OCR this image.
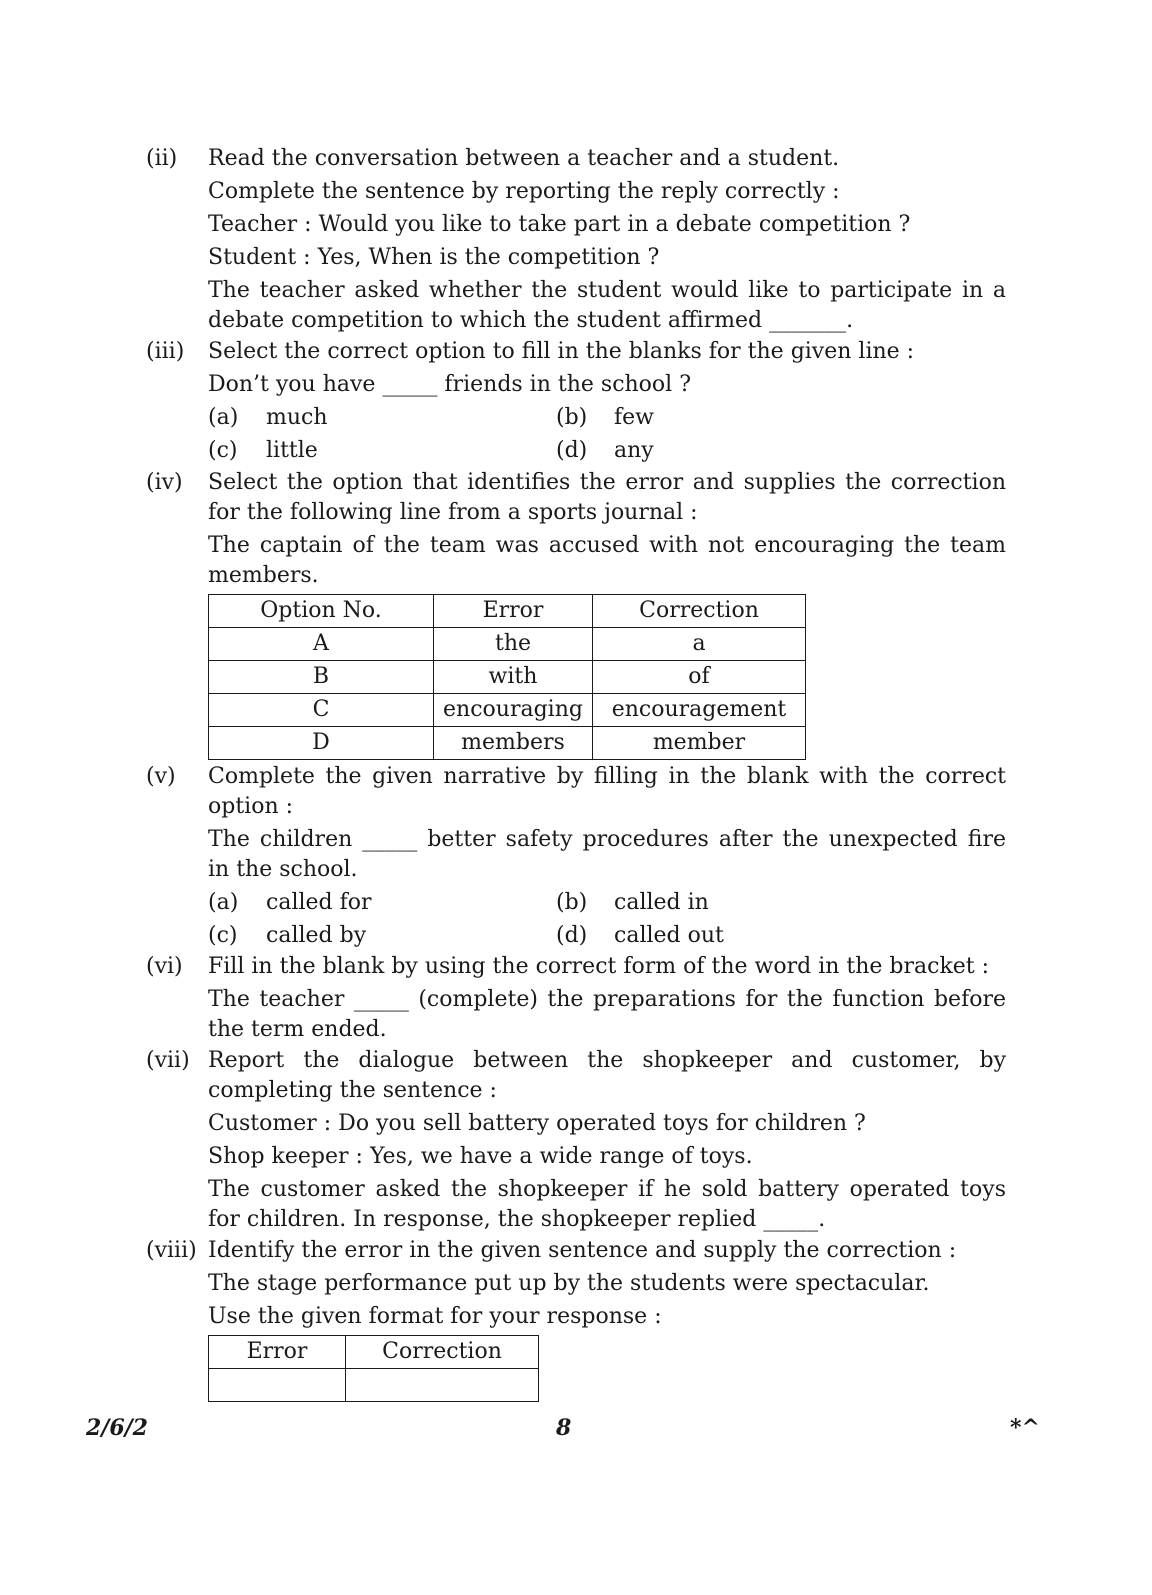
(ii) Read the conversation between a teacher and a student.
Complete the sentence by reporting the reply correctly :
Teacher : Would you like to take part in a debate competition ?
Student : Yes, When is the competition ?
The teacher asked whether the student would like to participate in a debate competition to which the student affirmed _______.
(iii) Select the correct option to fill in the blanks for the given line :
Don’t you have _____ friends in the school ?
(a) much	(b) few
(c) little	(d) any
(iv) Select the option that identifies the error and supplies the correction for the following line from a sports journal :
The captain of the team was accused with not encouraging the team members.
Option No.	Error	Correction
A	the	a
B	with	of
C	encouraging	encouragement
D	members	member
(v) Complete the given narrative by filling in the blank with the correct option :
The children _____ better safety procedures after the unexpected fire in the school.
(a) called for	(b) called in
(c) called by	(d) called out
(vi) Fill in the blank by using the correct form of the word in the bracket :
The teacher _____ (complete) the preparations for the function before the term ended.
(vii) Report the dialogue between the shopkeeper and customer, by completing the sentence :
Customer : Do you sell battery operated toys for children ?
Shop keeper : Yes, we have a wide range of toys.
The customer asked the shopkeeper if he sold battery operated toys for children. In response, the shopkeeper replied _____.
(viii) Identify the error in the given sentence and supply the correction :
The stage performance put up by the students were spectacular.
Use the given format for your response :
Error	Correction

2/6/2	8	*^
